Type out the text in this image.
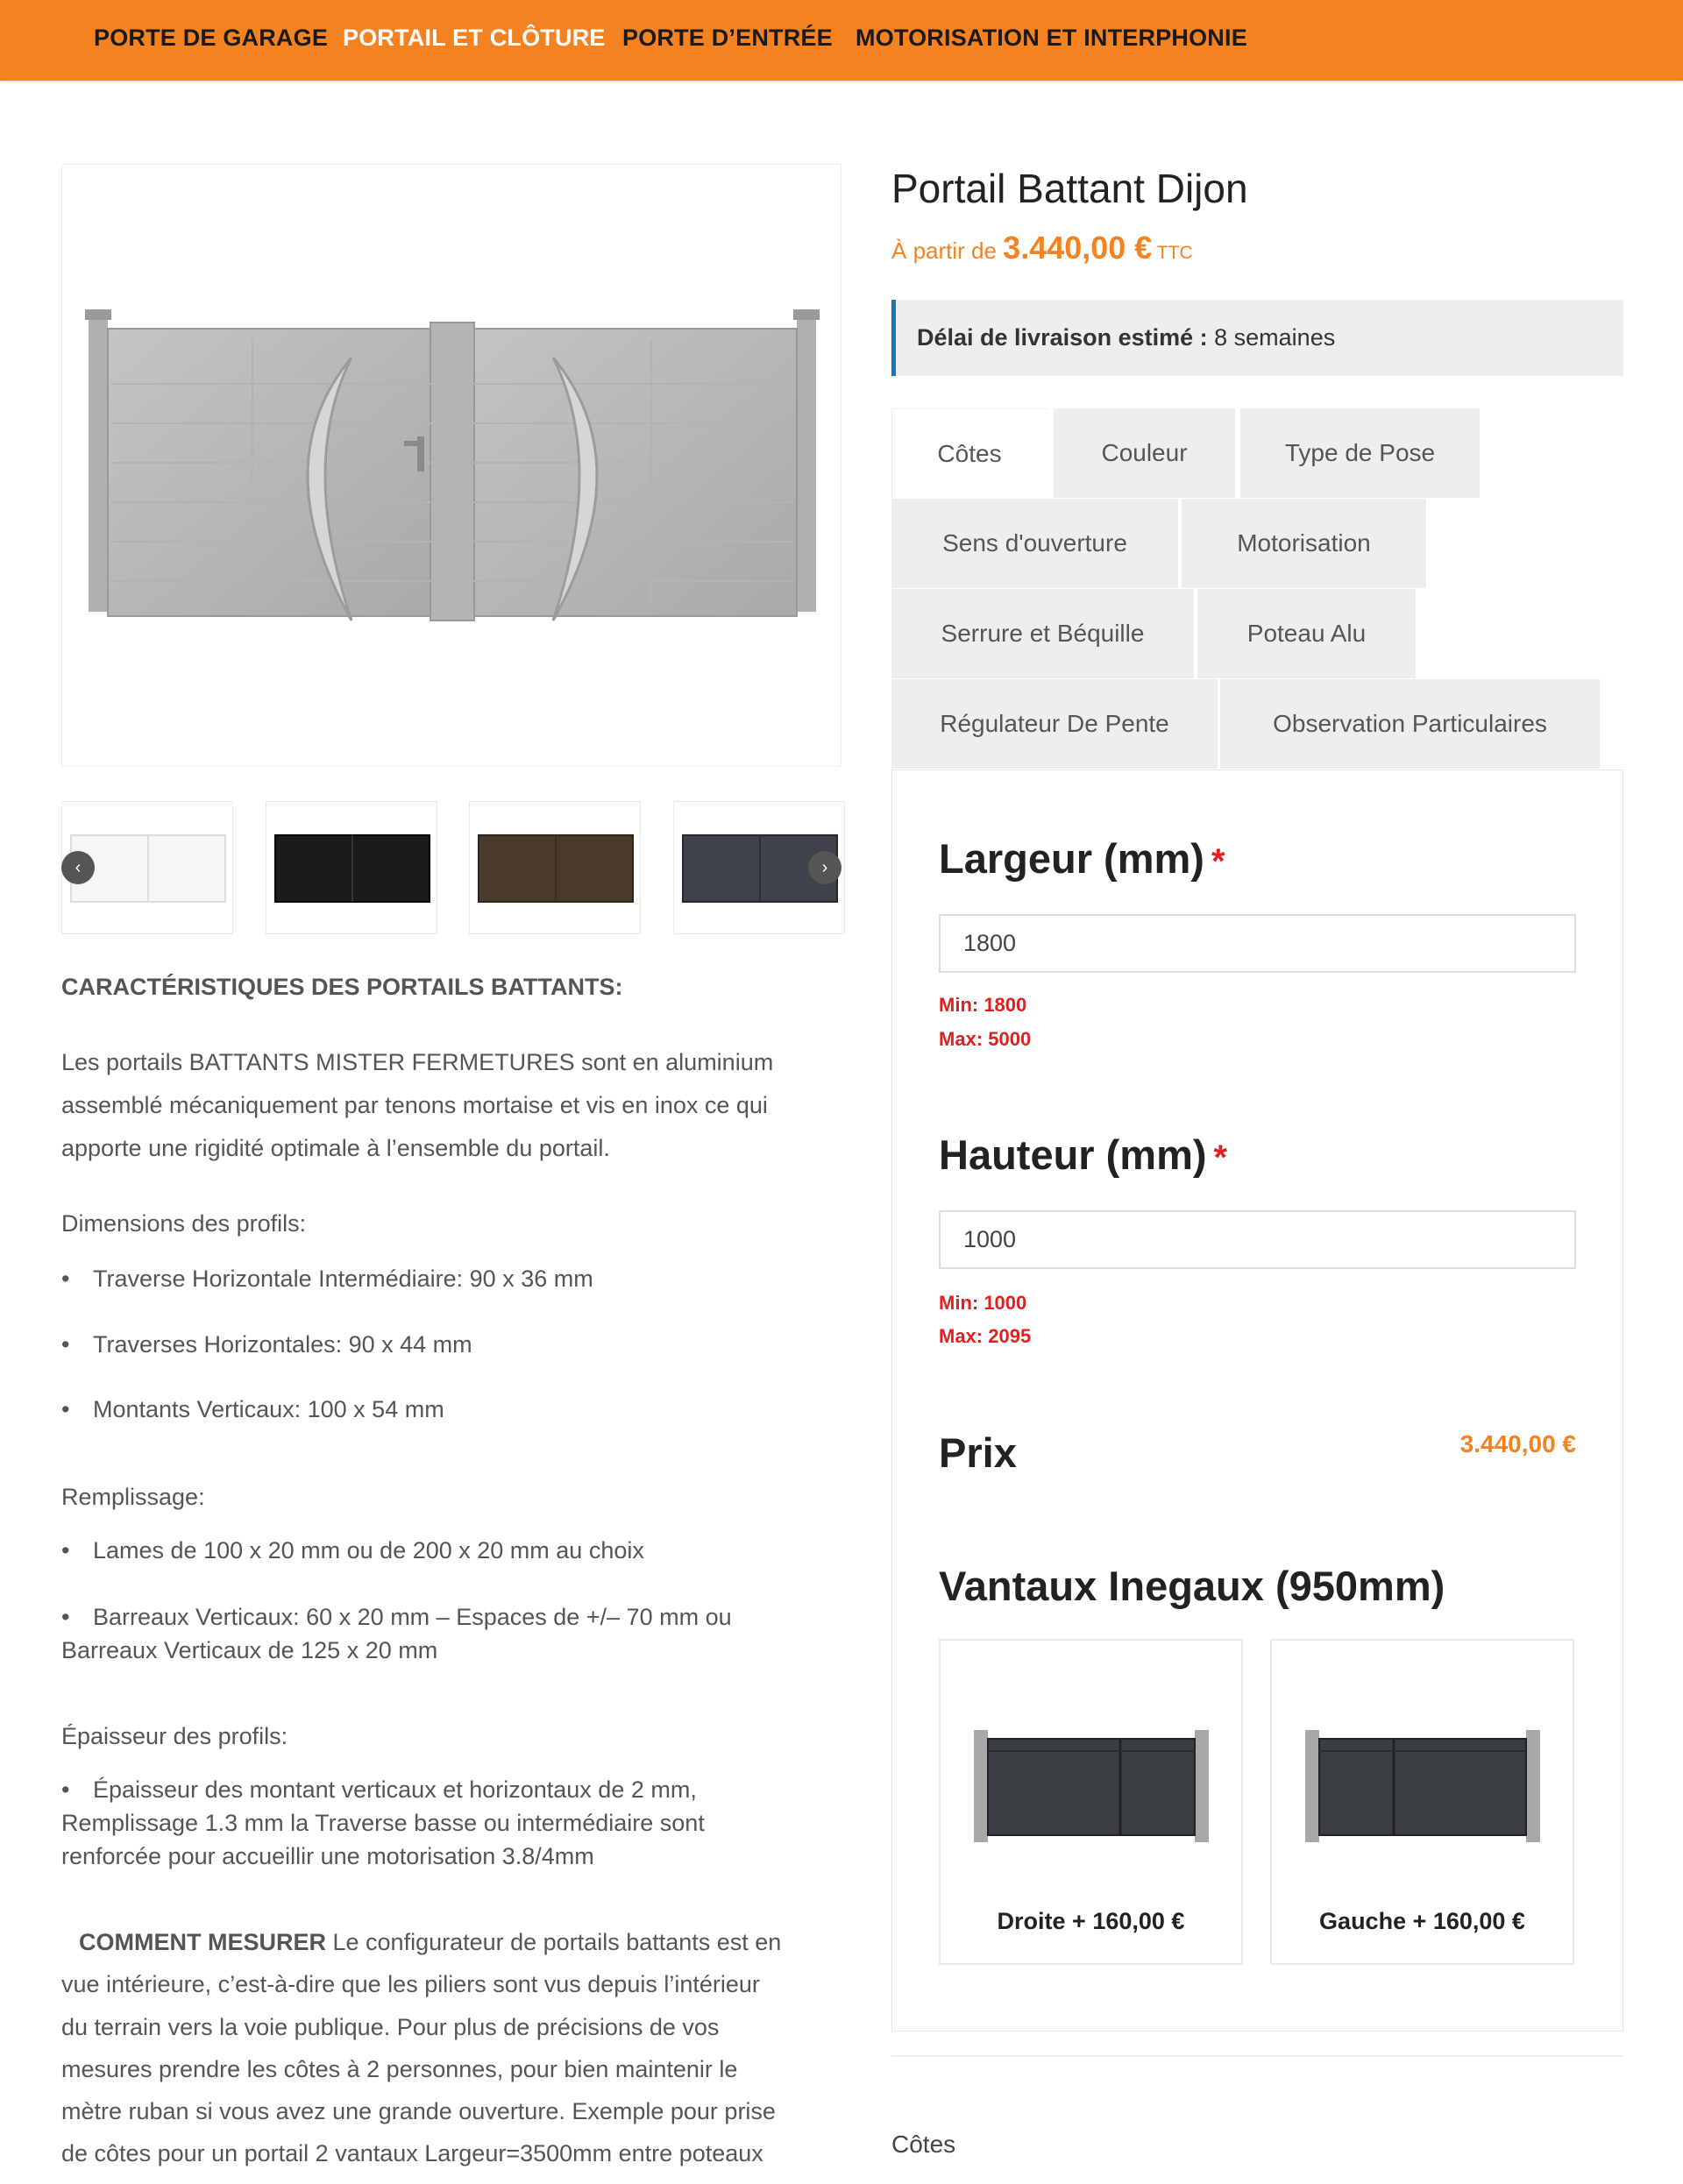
PORTE DE GARAGE PORTAIL ET CLÔTURE PORTE D’ENTRÉE MOTORISATION ET INTERPHONIE
‹	›
CARACTÉRISTIQUES DES PORTAILS BATTANTS:
Les portails BATTANTS MISTER FERMETURES sont en aluminium
assemblé mécaniquement par tenons mortaise et vis en inox ce qui
apporte une rigidité optimale à l’ensemble du portail.
Dimensions des profils:
• Traverse Horizontale Intermédiaire: 90 x 36 mm
• Traverses Horizontales: 90 x 44 mm
• Montants Verticaux: 100 x 54 mm
Remplissage:
• Lames de 100 x 20 mm ou de 200 x 20 mm au choix
• Barreaux Verticaux: 60 x 20 mm – Espaces de +/– 70 mm ou
Barreaux Verticaux de 125 x 20 mm
Épaisseur des profils:
• Épaisseur des montant verticaux et horizontaux de 2 mm,
Remplissage 1.3 mm la Traverse basse ou intermédiaire sont
renforcée pour accueillir une motorisation 3.8/4mm
COMMENT MESURER Le configurateur de portails battants est en
vue intérieure, c’est-à-dire que les piliers sont vus depuis l’intérieur
du terrain vers la voie publique. Pour plus de précisions de vos
mesures prendre les côtes à 2 personnes, pour bien maintenir le
mètre ruban si vous avez une grande ouverture. Exemple pour prise
de côtes pour un portail 2 vantaux Largeur=3500mm entre poteaux
Portail Battant Dijon
À partir de 3.440,00 € TTC
Délai de livraison estimé : 8 semaines
Côtes	Couleur	Type de Pose
Sens d'ouverture	Motorisation
Serrure et Béquille	Poteau Alu
Régulateur De Pente	Observation Particulaires
Largeur (mm) *
1800
Min: 1800
Max: 5000
Hauteur (mm) *
1000
Min: 1000
Max: 2095
Prix	3.440,00 €
Vantaux Inegaux (950mm)
Droite + 160,00 €	Gauche + 160,00 €
Côtes
